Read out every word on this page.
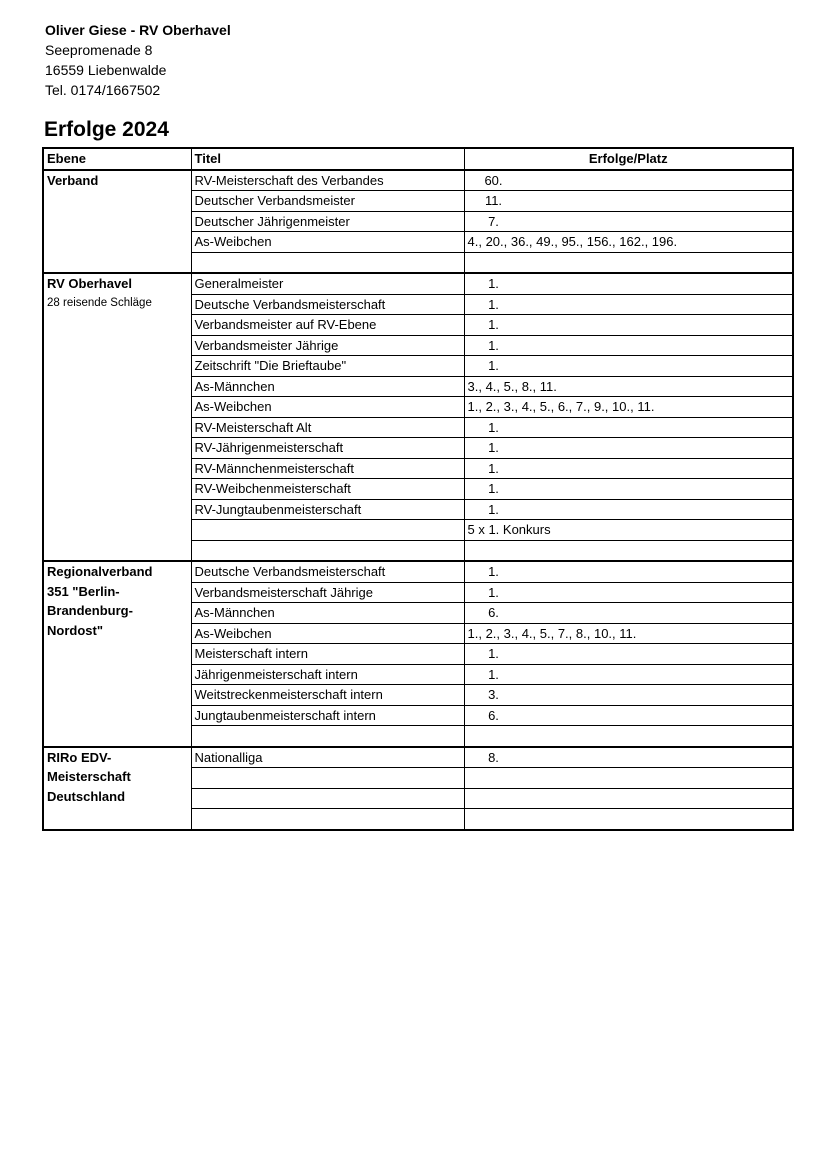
Oliver Giese - RV Oberhavel
Seepromenade 8
16559 Liebenwalde
Tel. 0174/1667502
Erfolge 2024
Ebene	Titel	Erfolge/Platz

Verband	RV-Meisterschaft des Verbandes	60.
	Deutscher Verbandsmeister	11.
	Deutscher Jährigenmeister	7.
	As-Weibchen	4., 20., 36., 49., 95., 156., 162., 196.

RV Oberhavel
28 reisende Schläge	Generalmeister	1.
	Deutsche Verbandsmeisterschaft	1.
	Verbandsmeister auf RV-Ebene	1.
	Verbandsmeister Jährige	1.
	Zeitschrift "Die Brieftaube"	1.
	As-Männchen	3., 4., 5., 8., 11.
	As-Weibchen	1., 2., 3., 4., 5., 6., 7., 9., 10., 11.
	RV-Meisterschaft Alt	1.
	RV-Jährigenmeisterschaft	1.
	RV-Männchenmeisterschaft	1.
	RV-Weibchenmeisterschaft	1.
	RV-Jungtaubenmeisterschaft	1.
		5 x 1. Konkurs

Regionalverband 351 "Berlin-Brandenburg-Nordost"	Deutsche Verbandsmeisterschaft	1.
	Verbandsmeisterschaft Jährige	1.
	As-Männchen	6.
	As-Weibchen	1., 2., 3., 4., 5., 7., 8., 10., 11.
	Meisterschaft intern	1.
	Jährigenmeisterschaft intern	1.
	Weitstreckenmeisterschaft intern	3.
	Jungtaubenmeisterschaft intern	6.

RIRo EDV-Meisterschaft Deutschland	Nationalliga	8.
